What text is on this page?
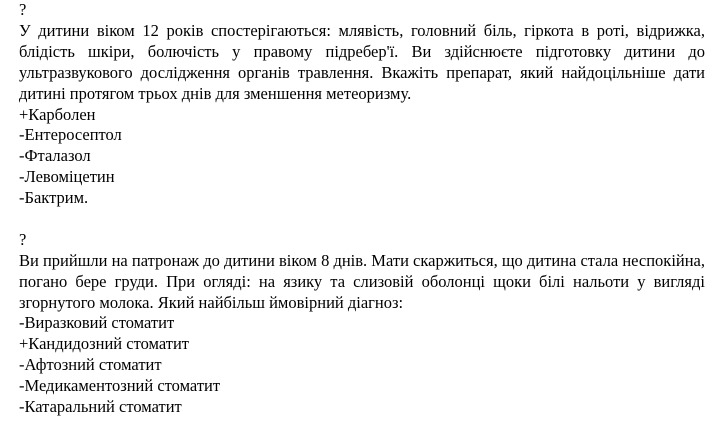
?
У дитини віком 12 років спостерігаються: млявість, головний біль, гіркота в роті, відрижка, блідість шкіри, болючість у правому підребер'ї. Ви здійснюєте підготовку дитини до ультразвукового дослідження органів травлення. Вкажіть препарат, який найдоцільніше дати дитині протягом трьох днів для зменшення метеоризму.
+Карболен
-Ентеросептол
-Фталазол
-Левоміцетин
-Бактрим.
?
Ви прийшли на патронаж до дитини віком 8 днів. Мати скаржиться, що дитина стала неспокійна, погано бере груди. При огляді: на язику та слизовій оболонці щоки білі нальоти у вигляді згорнутого молока. Який найбільш ймовірний діагноз:
-Виразковий стоматит
+Кандидозний стоматит
-Афтозний стоматит
-Медикаментозний стоматит
-Катаральний стоматит
